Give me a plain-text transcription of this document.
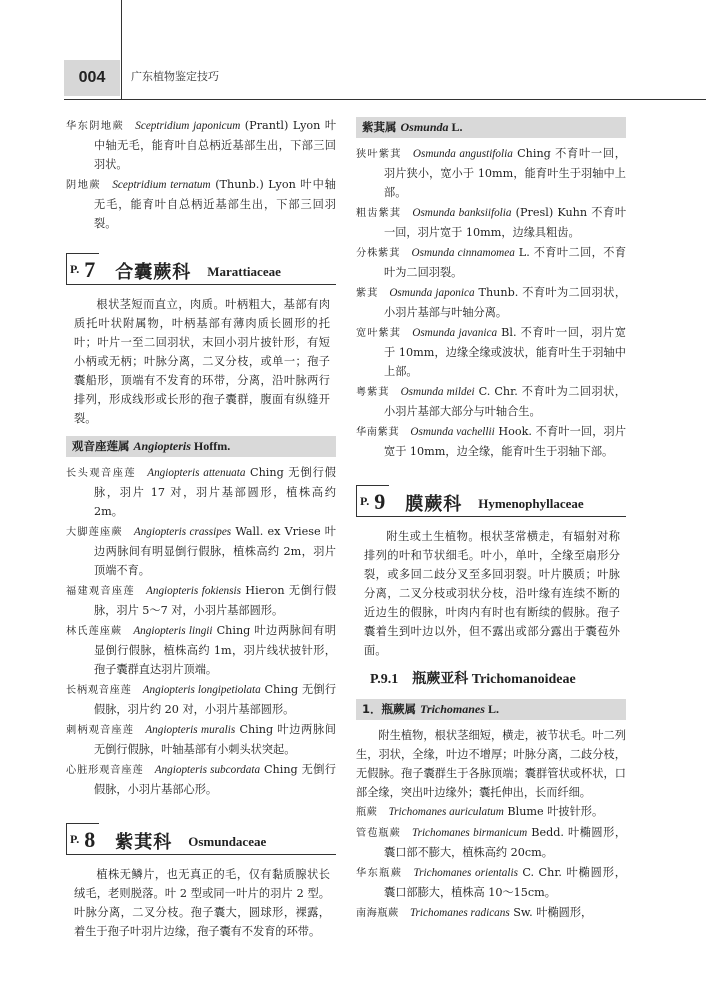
004	广东植物鉴定技巧

华东阴地蕨   Sceptridium japonicum (Prantl) Lyon 叶中轴无毛，能育叶自总柄近基部生出，下部三回羽状。

阴地蕨   Sceptridium ternatum (Thunb.) Lyon 叶中轴无毛，能育叶自总柄近基部生出，下部三回羽裂。

P. 7 合囊蕨科 Marattiaceae

根状茎短而直立，肉质。叶柄粗大，基部有肉质托叶状附属物，叶柄基部有薄肉质长圆形的托叶；叶片一至二回羽状，末回小羽片披针形，有短小柄或无柄；叶脉分离，二叉分枝，或单一；孢子囊船形，顶端有不发育的环带，分离，沿叶脉两行排列，形成线形或长形的孢子囊群，腹面有纵缝开裂。

观音座莲属 Angiopteris Hoffm.

长头观音座莲   Angiopteris attenuata Ching 无倒行假脉，羽片 17 对，羽片基部圆形，植株高约 2m。

大脚莲座蕨   Angiopteris crassipes Wall. ex Vriese 叶边两脉间有明显倒行假脉，植株高约 2m，羽片顶端不育。

福建观音座莲   Angiopteris fokiensis Hieron 无倒行假脉，羽片 5～7 对，小羽片基部圆形。

林氏莲座蕨   Angiopteris lingii Ching 叶边两脉间有明显倒行假脉，植株高约 1m，羽片线状披针形，孢子囊群直达羽片顶端。

长柄观音座莲   Angiopteris longipetiolata Ching 无倒行假脉，羽片约 20 对，小羽片基部圆形。

刺柄观音座莲   Angiopteris muralis Ching 叶边两脉间无倒行假脉，叶轴基部有小刺头状突起。

心脏形观音座莲   Angiopteris subcordata Ching 无倒行假脉，小羽片基部心形。

P. 8 紫萁科 Osmundaceae

植株无鳞片，也无真正的毛，仅有黏质腺状长绒毛，老则脱落。叶 2 型或同一叶片的羽片 2 型。叶脉分离，二叉分枝。孢子囊大，圆球形，裸露，着生于孢子叶羽片边缘，孢子囊有不发育的环带。

紫萁属 Osmunda L.

狭叶紫萁   Osmunda angustifolia Ching 不育叶一回，羽片狭小，宽小于 10mm，能育叶生于羽轴中上部。

粗齿紫萁   Osmunda banksiifolia (Presl) Kuhn 不育叶一回，羽片宽于 10mm，边缘具粗齿。

分株紫萁   Osmunda cinnamomea L. 不育叶二回，不育叶为二回羽裂。

紫萁   Osmunda japonica Thunb. 不育叶为二回羽状，小羽片基部与叶轴分离。

宽叶紫萁   Osmunda javanica Bl. 不育叶一回，羽片宽于 10mm，边缘全缘或波状，能育叶生于羽轴中上部。

粤紫萁   Osmunda mildei C. Chr. 不育叶为二回羽状，小羽片基部大部分与叶轴合生。

华南紫萁   Osmunda vachellii Hook. 不育叶一回，羽片宽于 10mm，边全缘，能育叶生于羽轴下部。

P. 9 膜蕨科 Hymenophyllaceae

附生或土生植物。根状茎常横走，有辐射对称排列的叶和节状细毛。叶小，单叶，全缘至扇形分裂，或多回二歧分叉至多回羽裂。叶片膜质；叶脉分离，二叉分枝或羽状分枝，沿叶缘有连续不断的近边生的假脉，叶肉内有时也有断续的假脉。孢子囊着生到叶边以外，但不露出或部分露出于囊苞外面。

P.9.1　瓶蕨亚科 Trichomanoideae
1．瓶蕨属 Trichomanes L.

附生植物，根状茎细短，横走，被节状毛。叶二列生，羽状，全缘，叶边不增厚；叶脉分离，二歧分枝，无假脉。孢子囊群生于各脉顶端；囊群管状或杯状，口部全缘，突出叶边缘外；囊托伸出，长而纤细。

瓶蕨   Trichomanes auriculatum Blume 叶披针形。

管苞瓶蕨   Trichomanes birmanicum Bedd. 叶椭圆形，囊口部不膨大，植株高约 20cm。

华东瓶蕨   Trichomanes orientalis C. Chr. 叶椭圆形，囊口部膨大，植株高 10～15cm。

南海瓶蕨   Trichomanes radicans Sw. 叶椭圆形，
